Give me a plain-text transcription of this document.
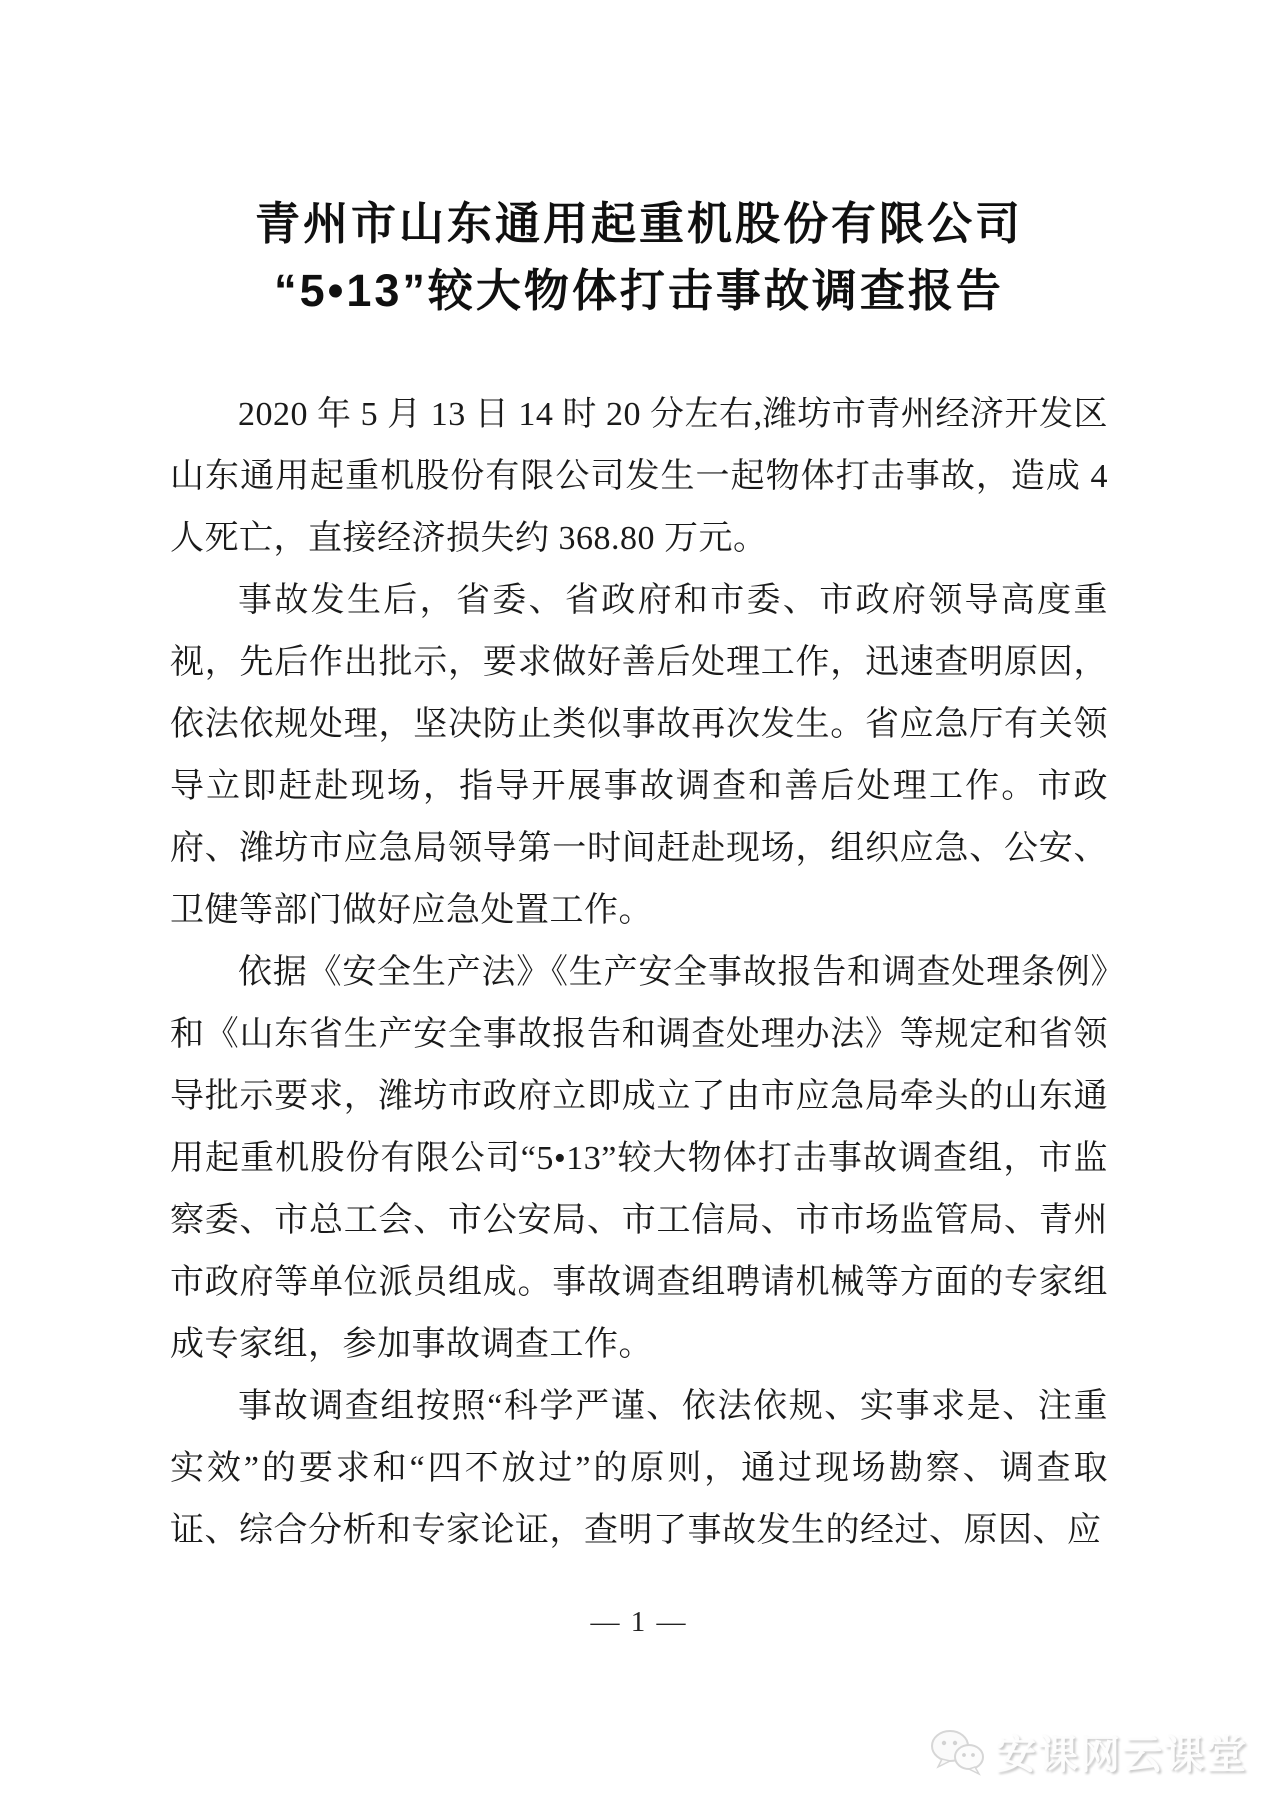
青州市山东通用起重机股份有限公司
“5•13”较大物体打击事故调查报告

2020 年 5 月 13 日 14 时 20 分左右,潍坊市青州经济开发区山东通用起重机股份有限公司发生一起物体打击事故，造成 4 人死亡，直接经济损失约 368.80 万元。

事故发生后，省委、省政府和市委、市政府领导高度重视，先后作出批示，要求做好善后处理工作，迅速查明原因，依法依规处理，坚决防止类似事故再次发生。省应急厅有关领导立即赶赴现场，指导开展事故调查和善后处理工作。市政府、潍坊市应急局领导第一时间赶赴现场，组织应急、公安、卫健等部门做好应急处置工作。

依据《安全生产法》《生产安全事故报告和调查处理条例》和《山东省生产安全事故报告和调查处理办法》等规定和省领导批示要求，潍坊市政府立即成立了由市应急局牵头的山东通用起重机股份有限公司“5•13”较大物体打击事故调查组，市监察委、市总工会、市公安局、市工信局、市市场监管局、青州市政府等单位派员组成。事故调查组聘请机械等方面的专家组成专家组，参加事故调查工作。

事故调查组按照“科学严谨、依法依规、实事求是、注重实效”的要求和“四不放过”的原则，通过现场勘察、调查取证、综合分析和专家论证，查明了事故发生的经过、原因、应

— 1 —
安课网云课堂
